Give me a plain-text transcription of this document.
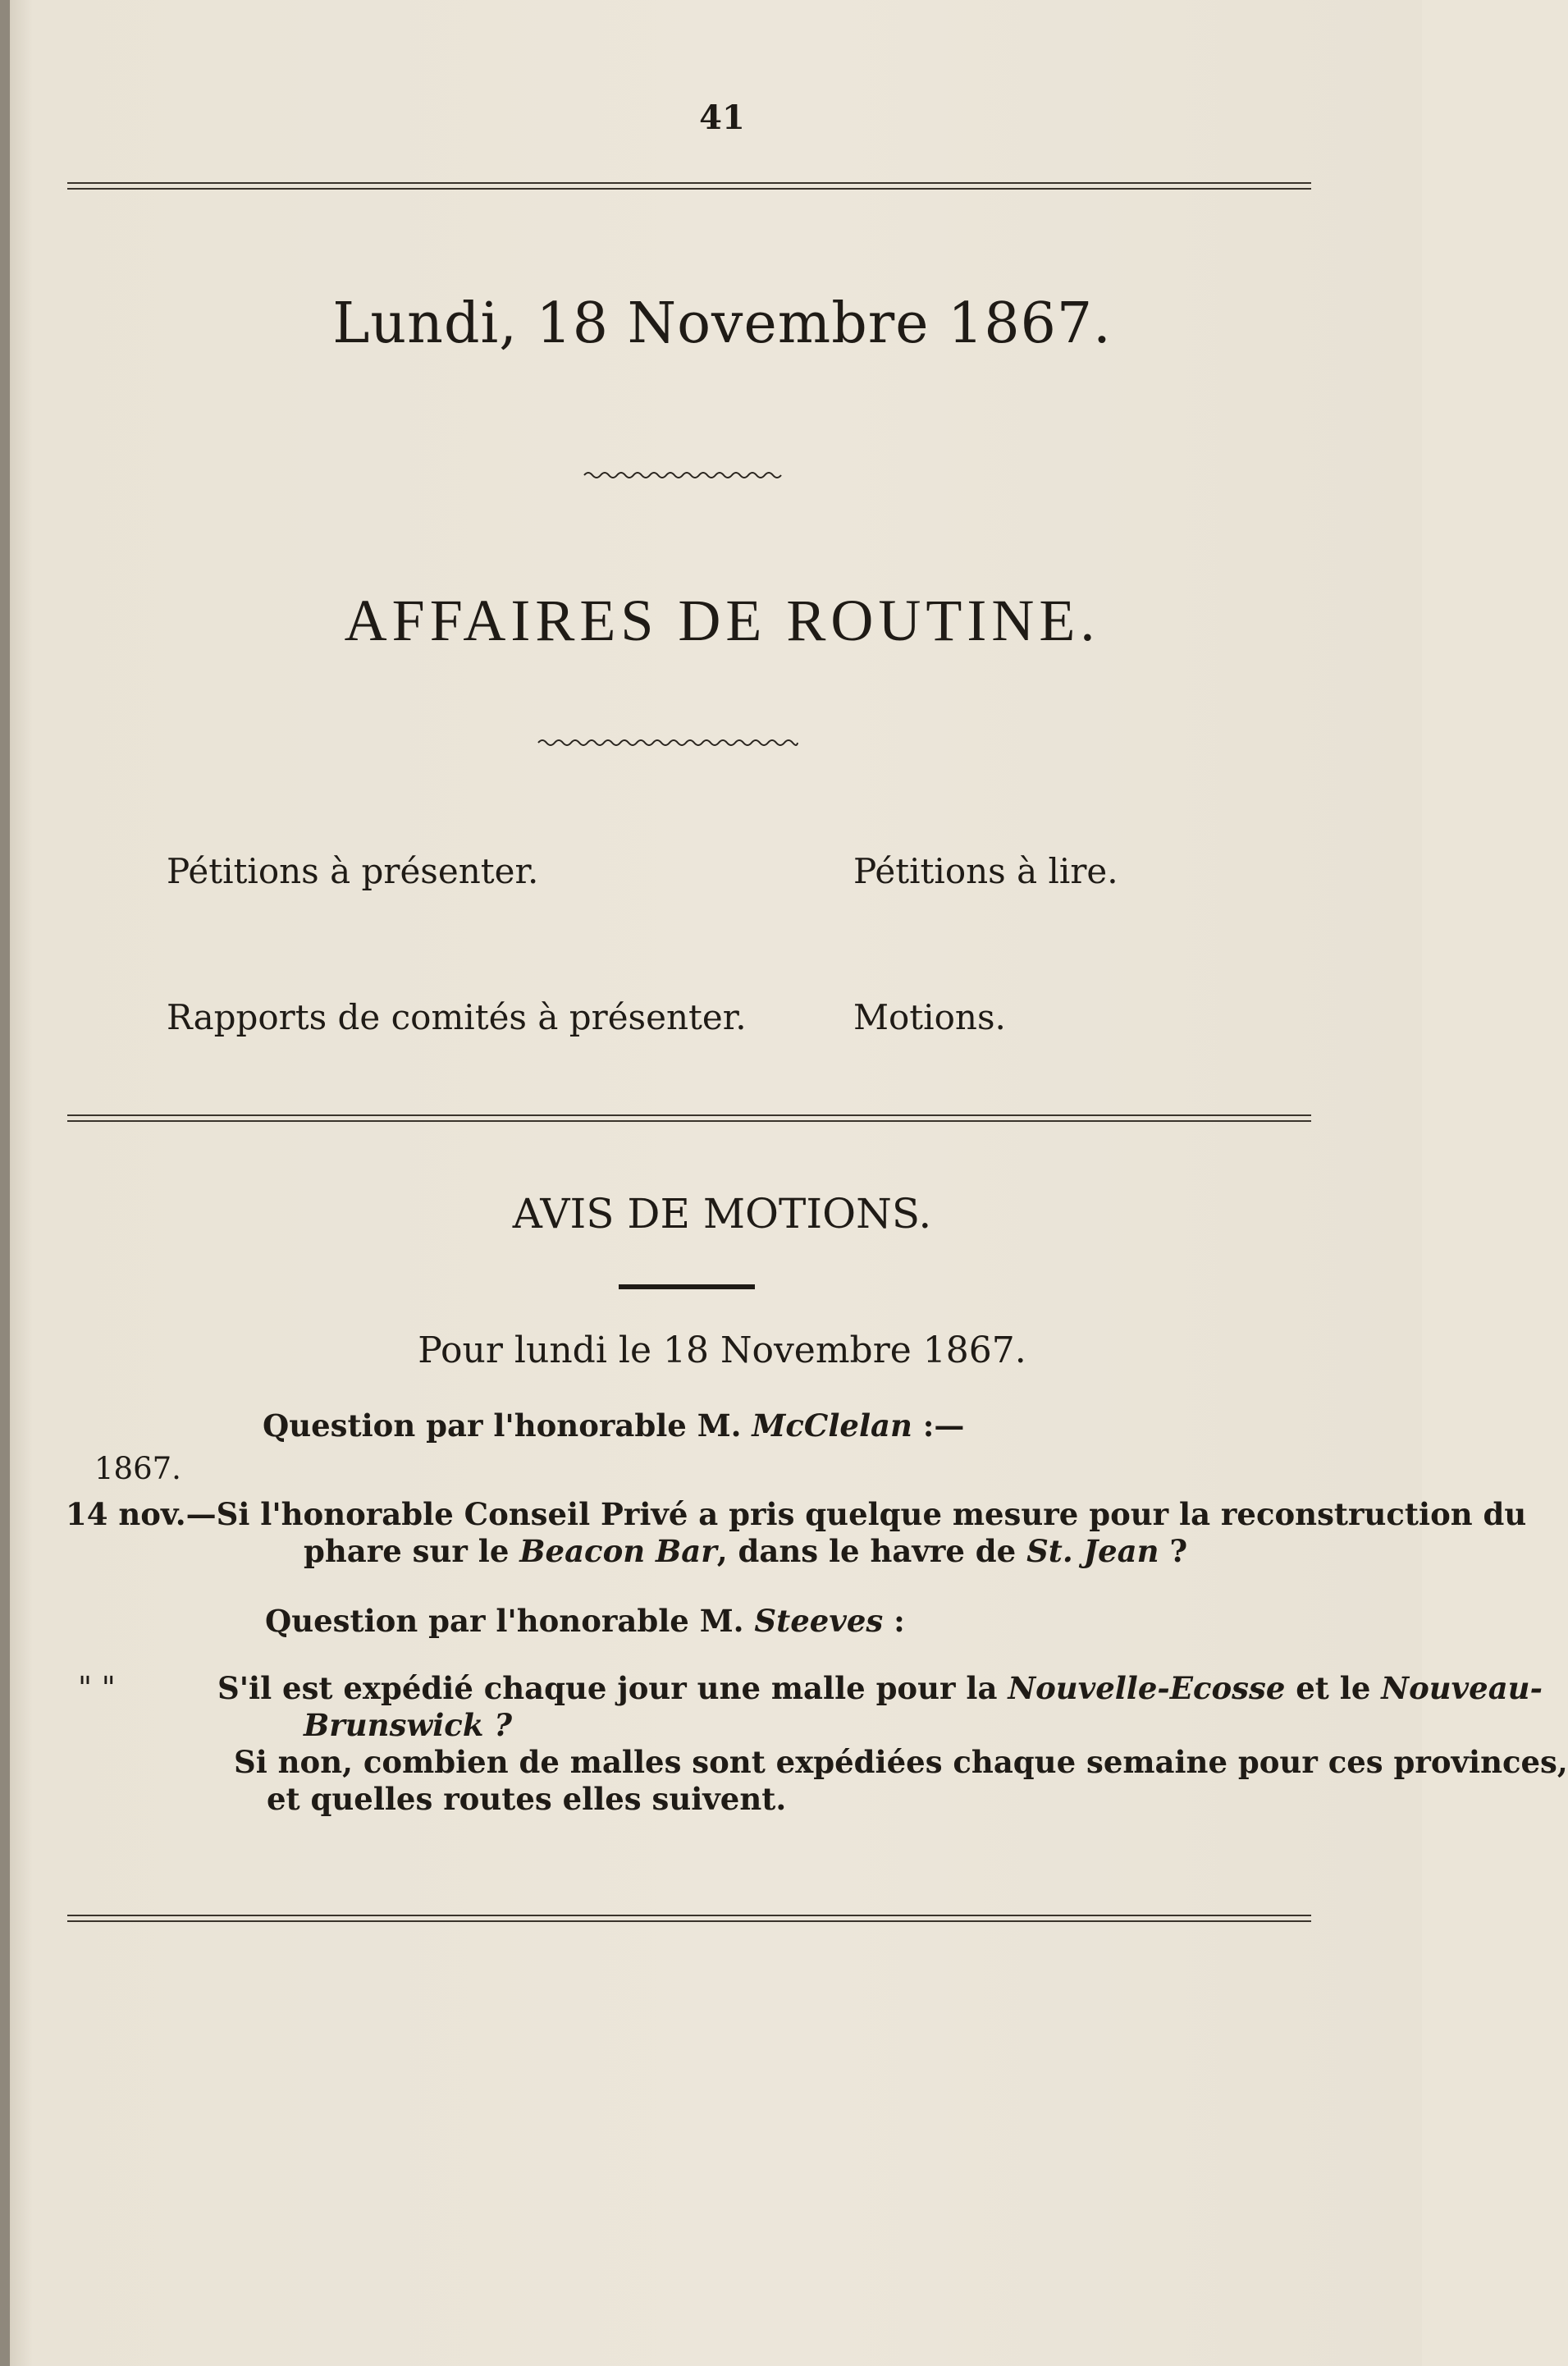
41
Lundi, 18 Novembre 1867.
AFFAIRES DE ROUTINE.
Pétitions à présenter.	Pétitions à lire.
Rapports de comités à présenter.	Motions.
AVIS DE MOTIONS.
Pour lundi le 18 Novembre 1867.
Question par l'honorable M. McClelan :—
1867.
14 nov.—Si l'honorable Conseil Privé a pris quelque mesure pour la reconstruction du
phare sur le Beacon Bar, dans le havre de St. Jean ?
Question par l'honorable M. Steeves :
" "	S'il est expédié chaque jour une malle pour la Nouvelle-Ecosse et le Nouveau-
Brunswick ?
Si non, combien de malles sont expédiées chaque semaine pour ces provinces,
et quelles routes elles suivent.
